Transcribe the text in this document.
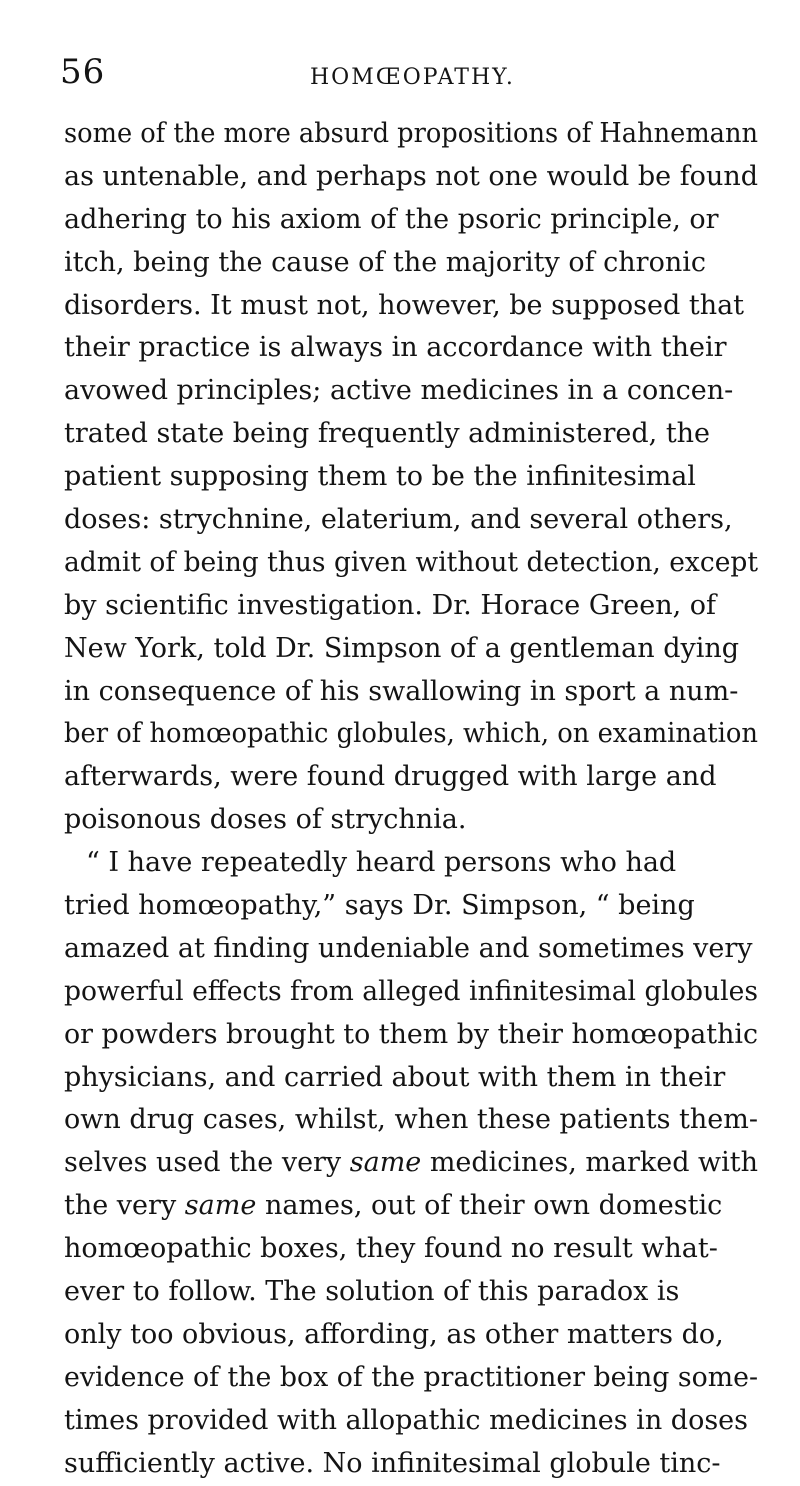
56	HOMŒOPATHY.
some of the more absurd propositions of Hahnemann
as untenable, and perhaps not one would be found
adhering to his axiom of the psoric principle, or
itch, being the cause of the majority of chronic
disorders. It must not, however, be supposed that
their practice is always in accordance with their
avowed principles; active medicines in a concen-
trated state being frequently administered, the
patient supposing them to be the infinitesimal
doses: strychnine, elaterium, and several others,
admit of being thus given without detection, except
by scientific investigation. Dr. Horace Green, of
New York, told Dr. Simpson of a gentleman dying
in consequence of his swallowing in sport a num-
ber of homœopathic globules, which, on examination
afterwards, were found drugged with large and
poisonous doses of strychnia.
“ I have repeatedly heard persons who had
tried homœopathy,” says Dr. Simpson, “ being
amazed at finding undeniable and sometimes very
powerful effects from alleged infinitesimal globules
or powders brought to them by their homœopathic
physicians, and carried about with them in their
own drug cases, whilst, when these patients them-
selves used the very same medicines, marked with
the very same names, out of their own domestic
homœopathic boxes, they found no result what-
ever to follow. The solution of this paradox is
only too obvious, affording, as other matters do,
evidence of the box of the practitioner being some-
times provided with allopathic medicines in doses
sufficiently active. No infinitesimal globule tinc-
